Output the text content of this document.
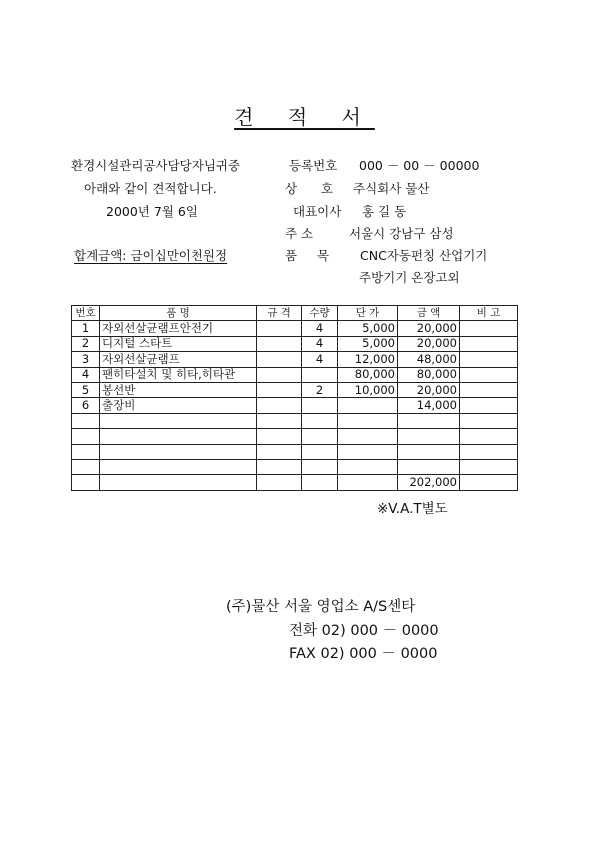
견 적 서
환경시설관리공사담당자님귀중
아래와 같이 견적합니다.
2000년 7월 6일
합계금액: 금이십만이천원정
등록번호 000 － 00 － 00000
상 호 주식회사 물산
대표이사 홍 길 동
주 소	서울시 강남구 삼성
품 목 CNC자동펀칭 산업기기
주방기기 온장고외
번호	품 명	규 격	수량	단 가	금 액	비 고
1	자외선살균램프안전기		4	5,000	20,000	
2	디지털 스타트		4	5,000	20,000	
3	자외선살균램프		4	12,000	48,000	
4	팬히타설치 및 히타,히타관			80,000	80,000	
5	봉선반		2	10,000	20,000	
6	출장비				14,000	

					202,000	
※V.A.T별도
(주)물산 서울 영업소 A/S센타
전화 02) 000 － 0000
FAX 02) 000 － 0000
